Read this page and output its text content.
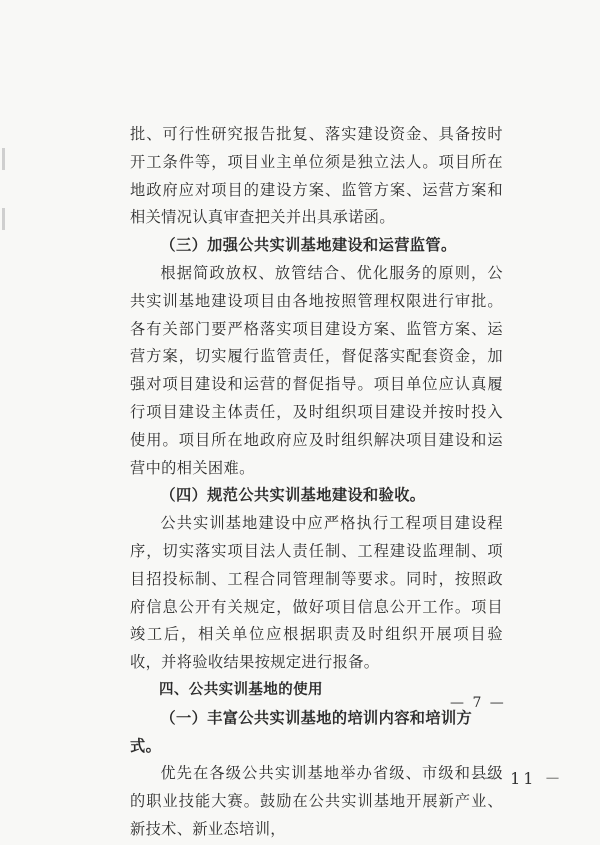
批、可行性研究报告批复、落实建设资金、具备按时开工条件等，项目业主单位须是独立法人。项目所在地政府应对项目的建设方案、监管方案、运营方案和相关情况认真审查把关并出具承诺函。

（三）加强公共实训基地建设和运营监管。

根据简政放权、放管结合、优化服务的原则，公共实训基地建设项目由各地按照管理权限进行审批。各有关部门要严格落实项目建设方案、监管方案、运营方案，切实履行监管责任，督促落实配套资金，加强对项目建设和运营的督促指导。项目单位应认真履行项目建设主体责任，及时组织项目建设并按时投入使用。项目所在地政府应及时组织解决项目建设和运营中的相关困难。

（四）规范公共实训基地建设和验收。

公共实训基地建设中应严格执行工程项目建设程序，切实落实项目法人责任制、工程建设监理制、项目招投标制、工程合同管理制等要求。同时，按照政府信息公开有关规定，做好项目信息公开工作。项目竣工后，相关单位应根据职责及时组织开展项目验收，并将验收结果按规定进行报备。

四、公共实训基地的使用

（一）丰富公共实训基地的培训内容和培训方式。

优先在各级公共实训基地举办省级、市级和县级的职业技能大赛。鼓励在公共实训基地开展新产业、新技术、新业态培训，

— 7 —
－ 11 －
